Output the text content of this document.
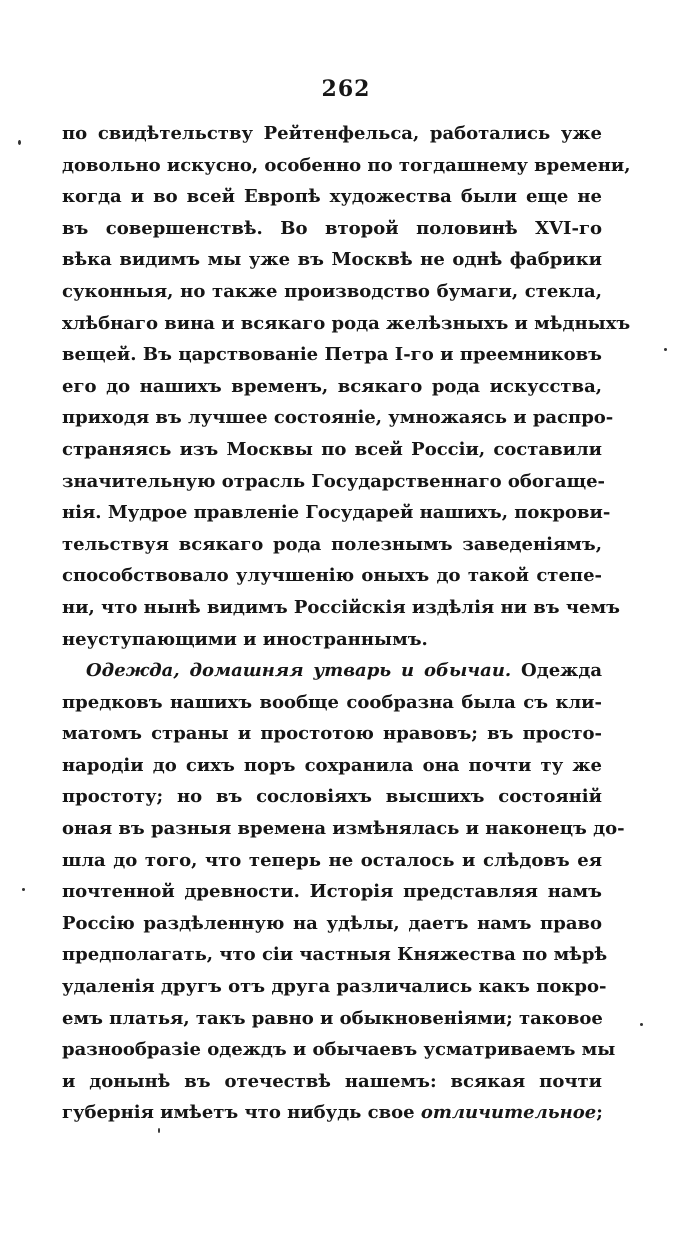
262
по свидѣтельству Рейтенфельса, работались уже
довольно искусно, особенно по тогдашнему времени,
когда и во всей Европѣ художества были еще не
въ совершенствѣ. Во второй половинѣ XVI-го
вѣка видимъ мы уже въ Москвѣ не однѣ фабрики
суконныя, но также производство бумаги, стекла,
хлѣбнаго вина и всякаго рода желѣзныхъ и мѣдныхъ
вещей. Въ царствованіе Петра I-го и преемниковъ
его до нашихъ временъ, всякаго рода искусства,
приходя въ лучшее состояніе, умножаясь и распро-
страняясь изъ Москвы по всей Россіи, составили
значительную отрасль Государственнаго обогаще-
нія. Мудрое правленіе Государей нашихъ, покрови-
тельствуя всякаго рода полезнымъ заведеніямъ,
способствовало улучшенію оныхъ до такой степе-
ни, что нынѣ видимъ Россійскія издѣлія ни въ чемъ
неуступающими и иностраннымъ.
Одежда, домашняя утварь и обычаи. Одежда
предковъ нашихъ вообще сообразна была съ кли-
матомъ страны и простотою нравовъ; въ просто-
народіи до сихъ поръ сохранила она почти ту же
простоту; но въ сословіяхъ высшихъ состояній
оная въ разныя времена измѣнялась и наконецъ до-
шла до того, что теперь не осталось и слѣдовъ ея
почтенной древности. Исторія представляя намъ
Россію раздѣленную на удѣлы, даетъ намъ право
предполагать, что сіи частныя Княжества по мѣрѣ
удаленія другъ отъ друга различались какъ покро-
емъ платья, такъ равно и обыкновеніями; таковое
разнообразіе одеждъ и обычаевъ усматриваемъ мы
и донынѣ въ отечествѣ нашемъ: всякая почти
губернія имѣетъ что нибудь свое отличительное;
